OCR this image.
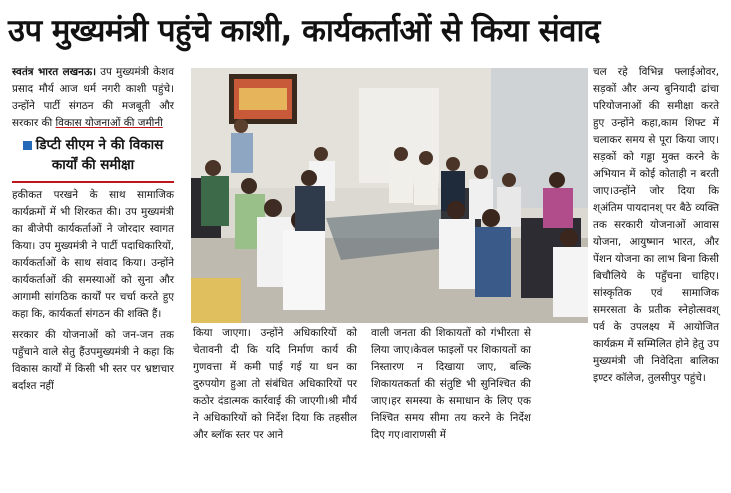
उप मुख्यमंत्री पहुंचे काशी, कार्यकर्ताओं से किया संवाद

स्वतंत्र भारत लखनऊ। उप मुख्यमंत्री केशव प्रसाद मौर्य आज धर्म नगरी काशी पहुंचे। उन्होंने पार्टी संगठन की मजबूती और सरकार की विकास योजनाओं की जमीनी

डिप्टी सीएम ने की विकास कार्यों की समीक्षा

हकीकत परखने के साथ सामाजिक कार्यक्रमों में भी शिरकत की। उप मुख्यमंत्री का बीजेपी कार्यकर्ताओं ने जोरदार स्वागत किया। उप मुख्यमंत्री ने पार्टी पदाधिकारियों, कार्यकर्ताओं के साथ संवाद किया। उन्होंने कार्यकर्ताओं की समस्याओं को सुना और आगामी सांगठिक कार्यों पर चर्चा करते हुए कहा कि, कार्यकर्ता संगठन की शक्ति हैं।

सरकार की योजनाओं को जन-जन तक पहुँचाने वाले सेतु हैंउपमुख्यमंत्री ने कहा कि विकास कार्यों में किसी भी स्तर पर भ्रष्टाचार बर्दाश्त नहीं

किया जाएगा। उन्होंने अधिकारियों को चेतावनी दी कि यदि निर्माण कार्य की गुणवत्ता में कमी पाई गई या धन का दुरुपयोग हुआ तो संबंधित अधिकारियों पर कठोर दंडात्मक कार्रवाई की जाएगी।श्री मौर्य ने अधिकारियों को निर्देश दिया कि तहसील और ब्लॉक स्तर पर आने

वाली जनता की शिकायतों को गंभीरता से लिया जाए।केवल फाइलों पर शिकायतों का निस्तारण न दिखाया जाए, बल्कि शिकायतकर्ता की संतुष्टि भी सुनिश्चित की जाए।हर समस्या के समाधान के लिए एक निश्चित समय सीमा तय करने के निर्देश दिए गए।वाराणसी में

चल रहे विभिन्न फ्लाईओवर, सड़कों और अन्य बुनियादी ढांचा परियोजनाओं की समीक्षा करते हुए उन्होंने कहा,काम शिफ्ट में चलाकर समय से पूरा किया जाए।सड़कों को गड्ढा मुक्त करने के अभियान में कोई कोताही न बरती जाए।उन्होंने जोर दिया कि श्अंतिम पायदानश् पर बैठे व्यक्ति तक सरकारी योजनाओं आवास योजना, आयुष्मान भारत, और पेंशन योजना का लाभ बिना किसी बिचौलिये के पहुँचना चाहिए। सांस्कृतिक एवं सामाजिक समरसता के प्रतीक स्नेहोत्सवश् पर्व के उपलक्ष्य में आयोजित कार्यक्रम में सम्मिलित होने हेतु उप मुख्यमंत्री जी निवेदिता बालिका इण्टर कॉलेज, तुलसीपुर पहुंचे।
